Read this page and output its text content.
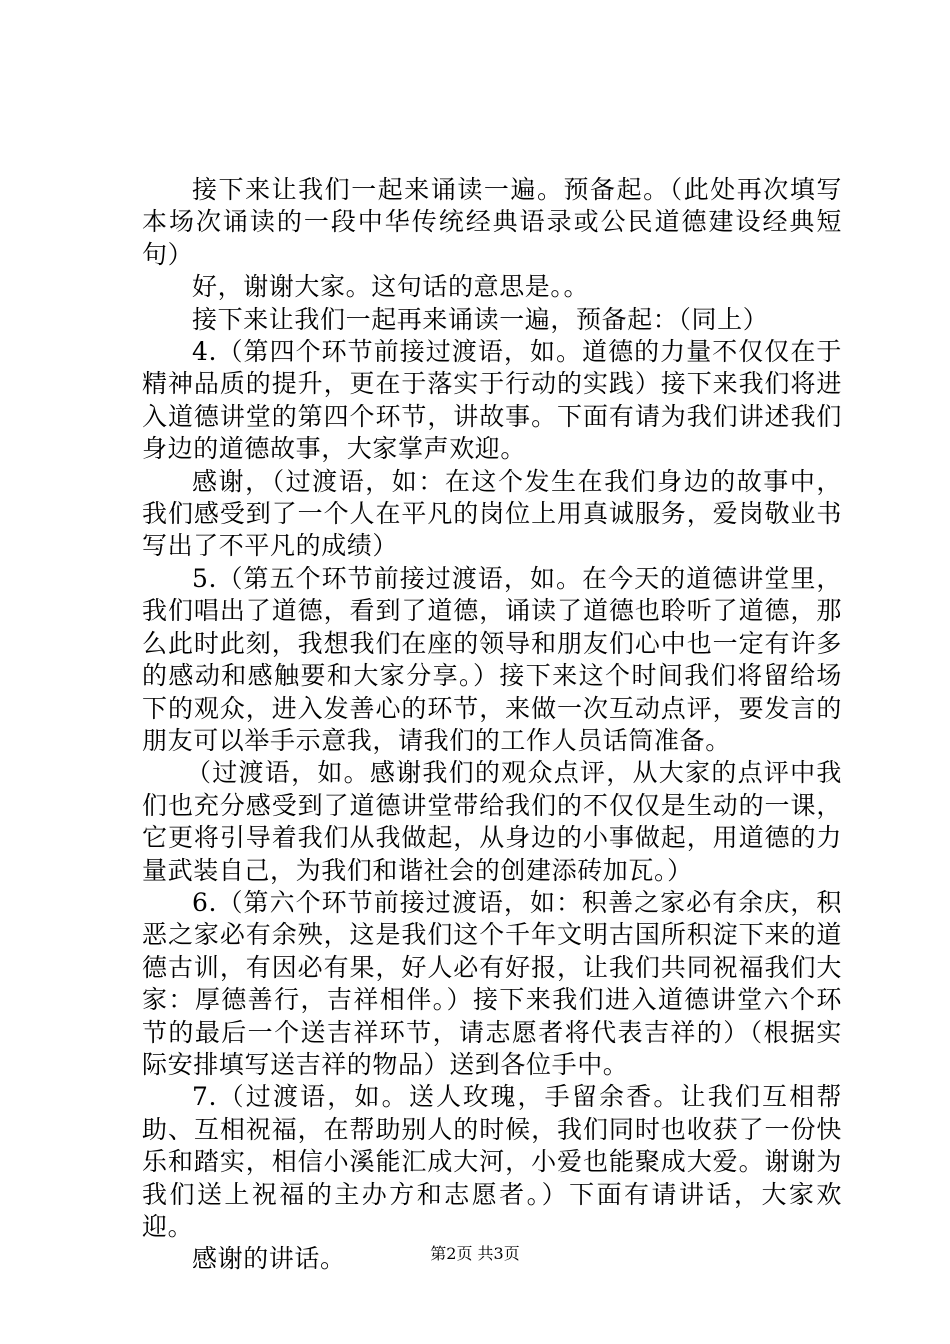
接下来让我们一起来诵读一遍。预备起。（此处再次填写本场次诵读的一段中华传统经典语录或公民道德建设经典短句）

好，谢谢大家。这句话的意思是。。

接下来让我们一起再来诵读一遍，预备起：（同上）

4.（第四个环节前接过渡语，如。道德的力量不仅仅在于精神品质的提升，更在于落实于行动的实践）接下来我们将进入道德讲堂的第四个环节，讲故事。下面有请为我们讲述我们身边的道德故事，大家掌声欢迎。

感谢，（过渡语，如：在这个发生在我们身边的故事中，我们感受到了一个人在平凡的岗位上用真诚服务，爱岗敬业书写出了不平凡的成绩）

5.（第五个环节前接过渡语，如。在今天的道德讲堂里，我们唱出了道德，看到了道德，诵读了道德也聆听了道德，那么此时此刻，我想我们在座的领导和朋友们心中也一定有许多的感动和感触要和大家分享。）接下来这个时间我们将留给场下的观众，进入发善心的环节，来做一次互动点评，要发言的朋友可以举手示意我，请我们的工作人员话筒准备。

（过渡语，如。感谢我们的观众点评，从大家的点评中我们也充分感受到了道德讲堂带给我们的不仅仅是生动的一课，它更将引导着我们从我做起，从身边的小事做起，用道德的力量武装自己，为我们和谐社会的创建添砖加瓦。）

6.（第六个环节前接过渡语，如：积善之家必有余庆，积恶之家必有余殃，这是我们这个千年文明古国所积淀下来的道德古训，有因必有果，好人必有好报，让我们共同祝福我们大家：厚德善行，吉祥相伴。）接下来我们进入道德讲堂六个环节的最后一个送吉祥环节，请志愿者将代表吉祥的）（根据实际安排填写送吉祥的物品）送到各位手中。

7.（过渡语，如。送人玫瑰，手留余香。让我们互相帮助、互相祝福，在帮助别人的时候，我们同时也收获了一份快乐和踏实，相信小溪能汇成大河，小爱也能聚成大爱。谢谢为我们送上祝福的主办方和志愿者。）下面有请讲话，大家欢迎。

感谢的讲话。	第2页 共3页
